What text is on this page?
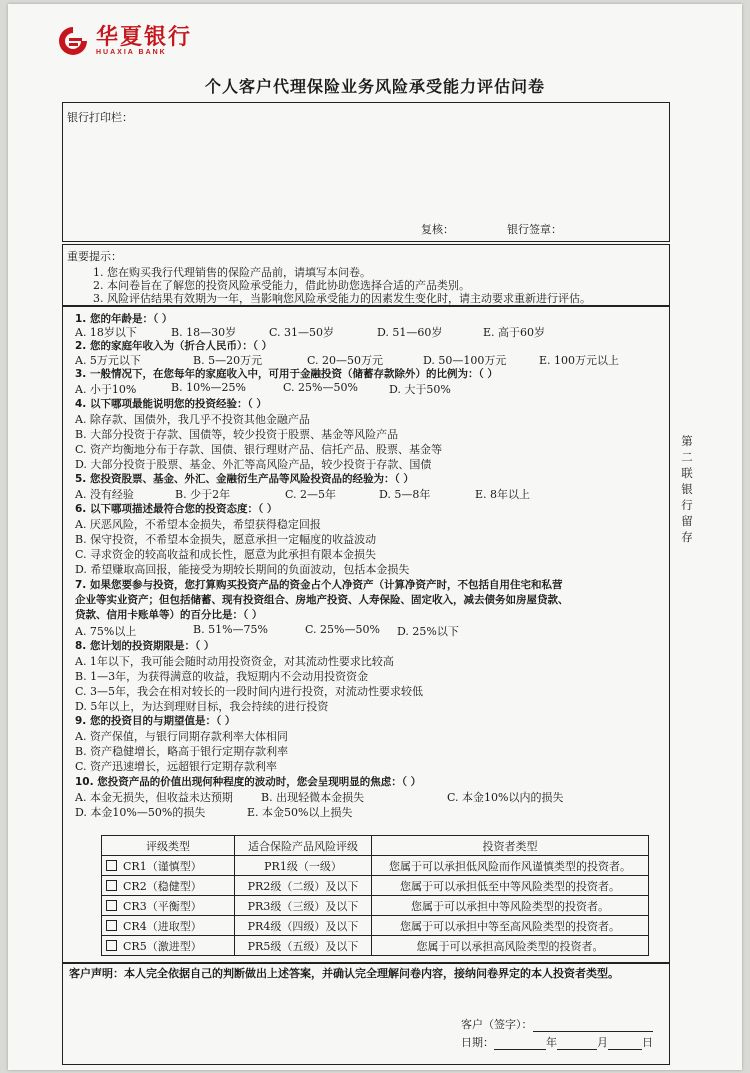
华夏银行
HUAXIA BANK
个人客户代理保险业务风险承受能力评估问卷
银行打印栏：
复核：	银行签章：
重要提示：
1. 您在购买我行代理销售的保险产品前，请填写本问卷。
2. 本问卷旨在了解您的投资风险承受能力，借此协助您选择合适的产品类别。
3. 风险评估结果有效期为一年，当影响您风险承受能力的因素发生变化时，请主动要求重新进行评估。
1. 您的年龄是：（ ）
A. 18岁以下	B. 18—30岁	C. 31—50岁	D. 51—60岁	E. 高于60岁
2. 您的家庭年收入为（折合人民币）：（ ）
A. 5万元以下	B. 5—20万元	C. 20—50万元	D. 50—100万元	E. 100万元以上
3. 一般情况下，在您每年的家庭收入中，可用于金融投资（储蓄存款除外）的比例为：（ ）
A. 小于10%	B. 10%—25%	C. 25%—50%	D. 大于50%
4. 以下哪项最能说明您的投资经验：（ ）
A. 除存款、国债外，我几乎不投资其他金融产品
B. 大部分投资于存款、国债等，较少投资于股票、基金等风险产品
C. 资产均衡地分布于存款、国债、银行理财产品、信托产品、股票、基金等
D. 大部分投资于股票、基金、外汇等高风险产品，较少投资于存款、国债
5. 您投资股票、基金、外汇、金融衍生产品等风险投资品的经验为：（ ）
A. 没有经验	B. 少于2年	C. 2—5年	D. 5—8年	E. 8年以上
6. 以下哪项描述最符合您的投资态度：（ ）
A. 厌恶风险，不希望本金损失，希望获得稳定回报
B. 保守投资，不希望本金损失，愿意承担一定幅度的收益波动
C. 寻求资金的较高收益和成长性，愿意为此承担有限本金损失
D. 希望赚取高回报，能接受为期较长期间的负面波动，包括本金损失
7. 如果您要参与投资，您打算购买投资产品的资金占个人净资产（计算净资产时，不包括自用住宅和私营
企业等实业资产；但包括储蓄、现有投资组合、房地产投资、人寿保险、固定收入，减去债务如房屋贷款、
贷款、信用卡账单等）的百分比是：（ ）
A. 75%以上	B. 51%—75%	C. 25%—50% D. 25%以下
8. 您计划的投资期限是：（ ）
A. 1年以下，我可能会随时动用投资资金，对其流动性要求比较高
B. 1—3年，为获得满意的收益，我短期内不会动用投资资金
C. 3—5年，我会在相对较长的一段时间内进行投资，对流动性要求较低
D. 5年以上，为达到理财目标，我会持续的进行投资
9. 您的投资目的与期望值是：（ ）
A. 资产保值，与银行同期存款利率大体相同
B. 资产稳健增长，略高于银行定期存款利率
C. 资产迅速增长，远超银行定期存款利率
10. 您投资产品的价值出现何种程度的波动时，您会呈现明显的焦虑：（ ）
A. 本金无损失，但收益未达预期	B. 出现轻微本金损失	C. 本金10%以内的损失
D. 本金10%—50%的损失	E. 本金50%以上损失
评级类型	适合保险产品风险评级	投资者类型
CR1（谨慎型）	PR1级（一级）	您属于可以承担低风险而作风谨慎类型的投资者。
CR2（稳健型）	PR2级（二级）及以下	您属于可以承担低至中等风险类型的投资者。
CR3（平衡型）	PR3级（三级）及以下	您属于可以承担中等风险类型的投资者。
CR4（进取型）	PR4级（四级）及以下	您属于可以承担中等至高风险类型的投资者。
CR5（激进型）	PR5级（五级）及以下	您属于可以承担高风险类型的投资者。
第二联银行留存
客户声明：本人完全依据自己的判断做出上述答案，并确认完全理解问卷内容，接纳问卷界定的本人投资者类型。
客户（签字）：
日期：	年	月	日
